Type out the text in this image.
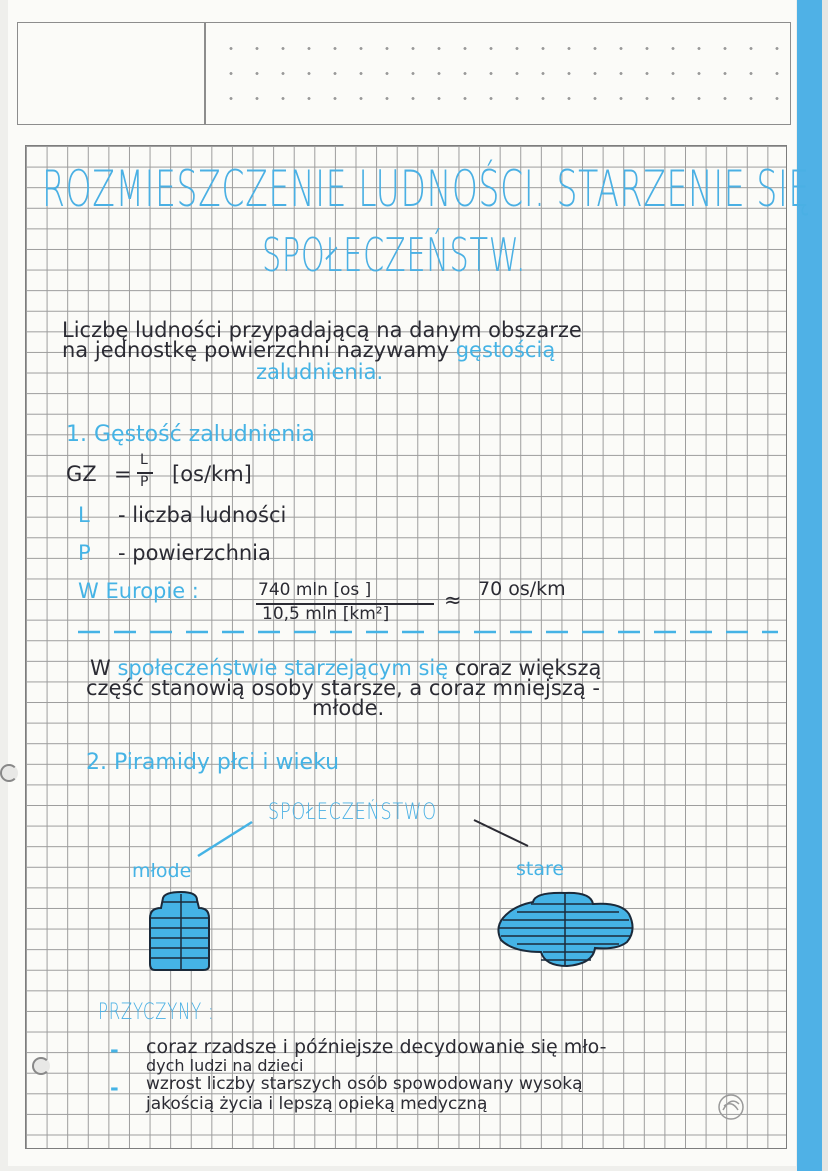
ROZMIESZCZENIE LUDNOŚCI. STARZENIE SIĘ
SPOŁECZEŃSTW.
Liczbę ludności przypadającą na danym obszarze
na jednostkę powierzchni nazywamy gęstością
zaludnienia.
1. Gęstość zaludnienia
GZ =
L
P [os/km]
L - liczba ludności
P - powierzchnia
W Europie :	740 mln [os ]
10,5 mln [km²]
≈ 70 os/km
W społeczeństwie starzejącym się coraz większą
część stanowią osoby starsze, a coraz mniejszą -
młode.
2. Piramidy płci i wieku
SPOŁECZEŃSTWO
młode	stare
PRZYCZYNY :
- coraz rzadsze i późniejsze decydowanie się mło-
dych ludzi na dzieci
- wzrost liczby starszych osób spowodowany wysoką
jakością życia i lepszą opieką medyczną
